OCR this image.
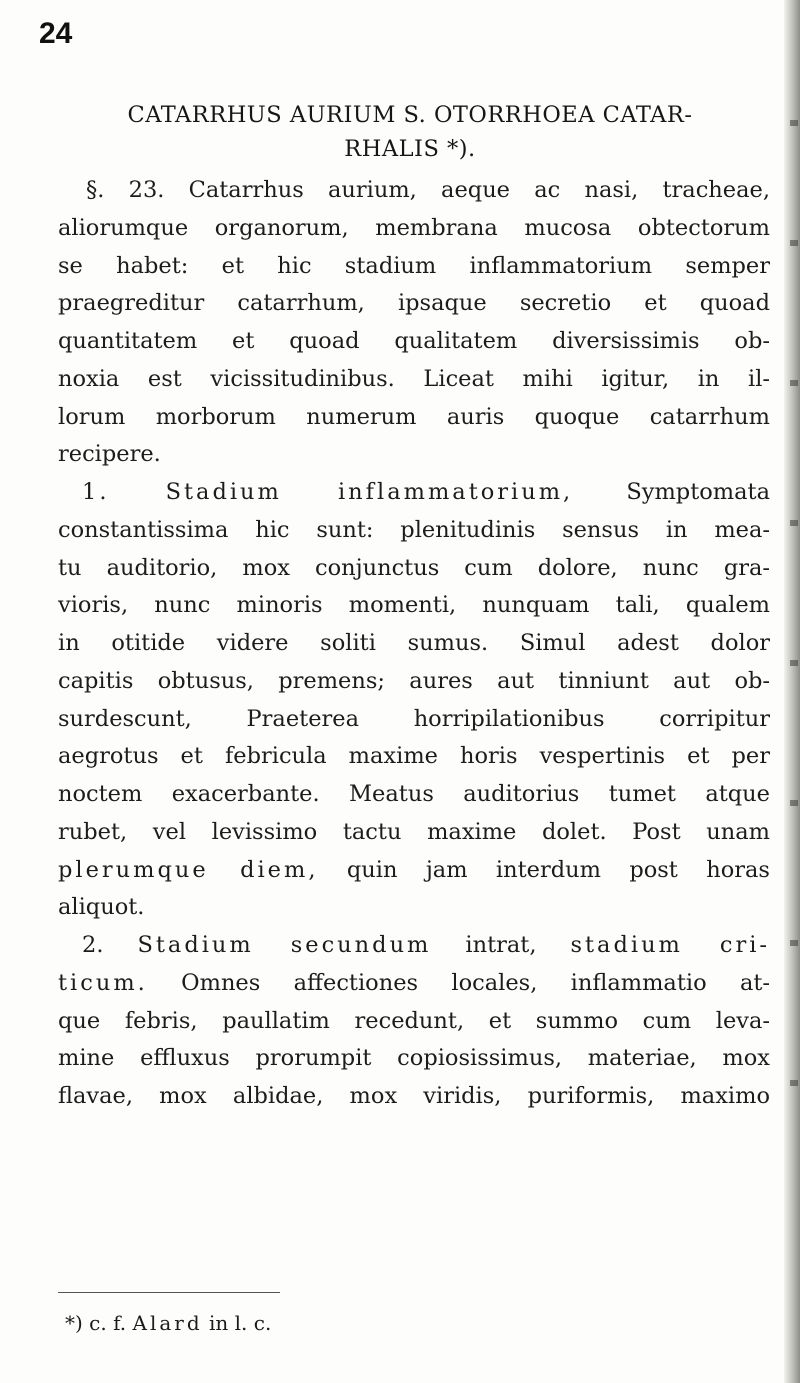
24

CATARRHUS AURIUM S. OTORRHOEA CATAR-
RHALIS *).
§. 23. Catarrhus aurium, aeque ac nasi, tracheae,
aliorumque organorum, membrana mucosa obtectorum
se habet: et hic stadium inflammatorium semper
praegreditur catarrhum, ipsaque secretio et quoad
quantitatem et quoad qualitatem diversissimis ob-
noxia est vicissitudinibus. Liceat mihi igitur, in il-
lorum morborum numerum auris quoque catarrhum
recipere.
1. Stadium inflammatorium, Symptomata
constantissima hic sunt: plenitudinis sensus in mea-
tu auditorio, mox conjunctus cum dolore, nunc gra-
vioris, nunc minoris momenti, nunquam tali, qualem
in otitide videre soliti sumus. Simul adest dolor
capitis obtusus, premens; aures aut tinniunt aut ob-
surdescunt, Praeterea horripilationibus corripitur
aegrotus et febricula maxime horis vespertinis et per
noctem exacerbante. Meatus auditorius tumet atque
rubet, vel levissimo tactu maxime dolet. Post unam
plerumque diem, quin jam interdum post horas
aliquot.
2. Stadium secundum intrat, stadium cri-
ticum. Omnes affectiones locales, inflammatio at-
que febris, paullatim recedunt, et summo cum leva-
mine effluxus prorumpit copiosissimus, materiae, mox
flavae, mox albidae, mox viridis, puriformis, maximo

*) c. f. Alard in l. c.
